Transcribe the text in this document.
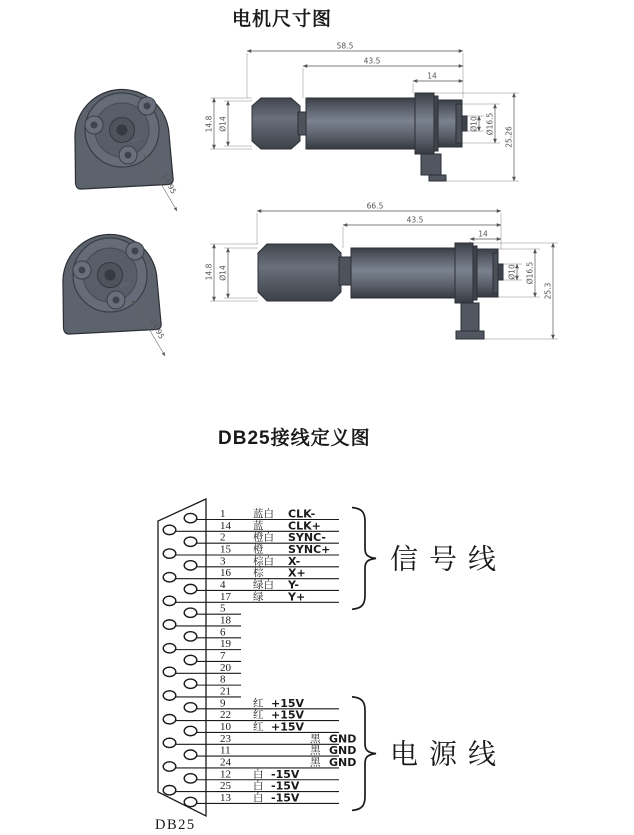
电机尺寸图
14.95
58.5
43.5
14
14.8 Ø14	Ø10 Ø16.5
25.26
66.5
43.5
14
14.8 Ø14	Ø10 Ø16.5
25.3
DB25接线定义图
1	蓝白 CLK-
14 蓝 CLK+
2	橙白 SYNC-
15 橙 SYNC+
3	棕白 X-
16 棕 X+
4	绿白 Y-
17 绿 Y+
5
18
6
19
7
20
8
21
9	红 +15V
22 红 +15V
10 红 +15V
23	黑 GND
11	黑 GND
24	黑 GND
12 白 -15V
25 白 -15V
13 白 -15V
信号线
电源线
DB25
